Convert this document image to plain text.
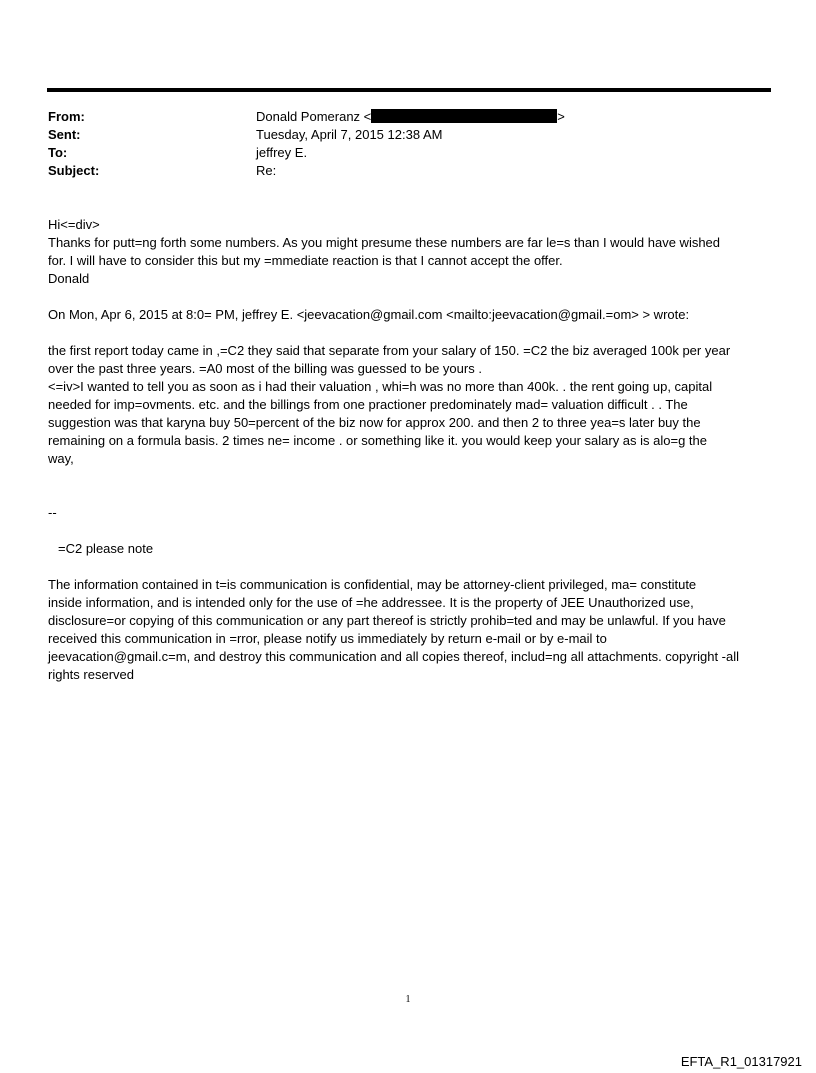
From:	Donald Pomeranz <	>
Sent:	Tuesday, April 7, 2015 12:38 AM
To:	jeffrey E.
Subject:	Re:

Hi<=div>
Thanks for putt=ng forth some numbers. As you might presume these numbers are far le=s than I would have wished
for. I will have to consider this but my =mmediate reaction is that I cannot accept the offer.
Donald

On Mon, Apr 6, 2015 at 8:0= PM, jeffrey E. <jeevacation@gmail.com <mailto:jeevacation@gmail.=om> > wrote:

the first report today came in ,=C2 they said that separate from your salary of 150. =C2 the biz averaged 100k per year
over the past three years. =A0 most of the billing was guessed to be yours .
<=iv>I wanted to tell you as soon as i had their valuation , whi=h was no more than 400k. . the rent going up, capital
needed for imp=ovments. etc. and the billings from one practioner predominately mad= valuation difficult . . The
suggestion was that karyna buy 50=percent of the biz now for approx 200. and then 2 to three yea=s later buy the
remaining on a formula basis. 2 times ne= income . or something like it. you would keep your salary as is alo=g the
way,

--

=C2 please note

The information contained in t=is communication is confidential, may be attorney-client privileged, ma= constitute
inside information, and is intended only for the use of =he addressee. It is the property of JEE Unauthorized use,
disclosure=or copying of this communication or any part thereof is strictly prohib=ted and may be unlawful. If you have
received this communication in =rror, please notify us immediately by return e-mail or by e-mail to
jeevacation@gmail.c=m, and destroy this communication and all copies thereof, includ=ng all attachments. copyright -all
rights reserved

1
EFTA_R1_01317921
